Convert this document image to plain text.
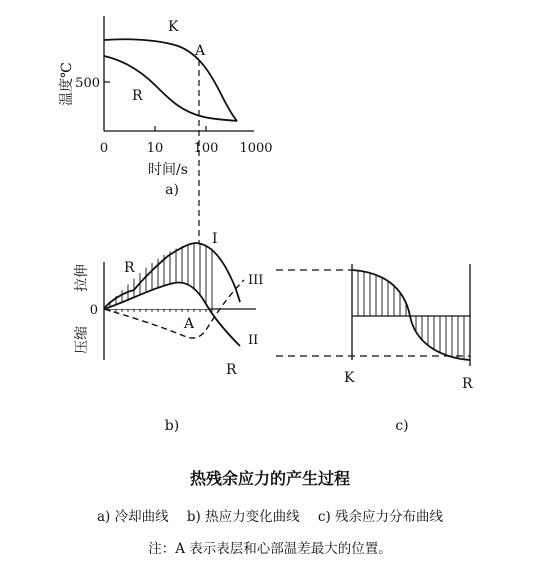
K
A
R
500
温度℃
0	10 100 1000
时间/s
a)
0
拉伸
压缩
I
III
II
R
A
R
b)
K	R
c)
热残余应力的产生过程
a) 冷却曲线 b) 热应力变化曲线 c) 残余应力分布曲线
注：A 表示表层和心部温差最大的位置。
